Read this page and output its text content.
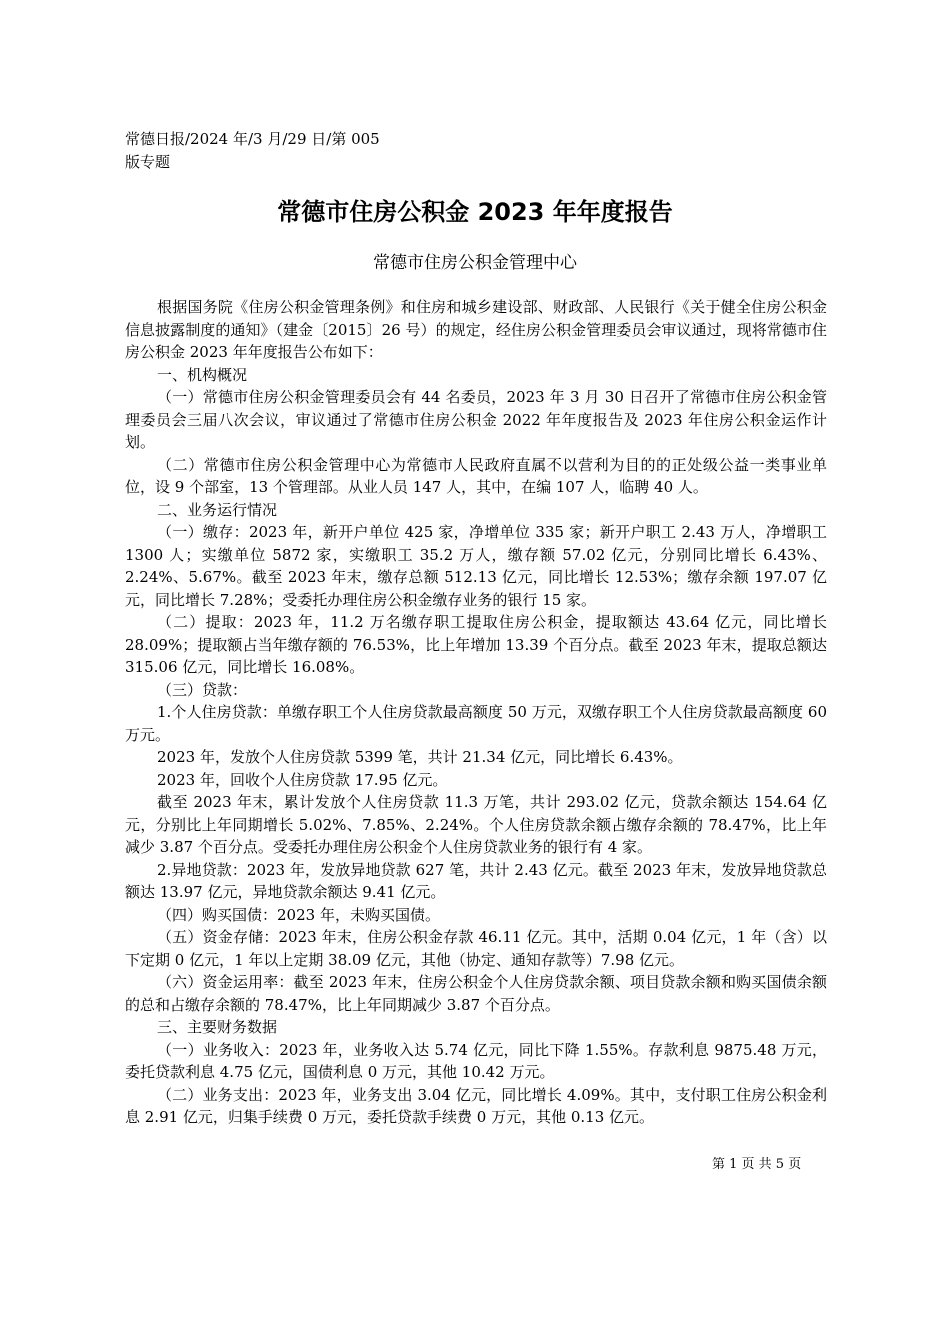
常德日报/2024 年/3 月/29 日/第 005 版专题
常德市住房公积金 2023 年年度报告
常德市住房公积金管理中心

根据国务院《住房公积金管理条例》和住房和城乡建设部、财政部、人民银行《关于健全住房公积金信息披露制度的通知》（建金〔2015〕26 号）的规定，经住房公积金管理委员会审议通过，现将常德市住房公积金 2023 年年度报告公布如下：

一、机构概况

（一）常德市住房公积金管理委员会有 44 名委员，2023 年 3 月 30 日召开了常德市住房公积金管理委员会三届八次会议，审议通过了常德市住房公积金 2022 年年度报告及 2023 年住房公积金运作计划。

（二）常德市住房公积金管理中心为常德市人民政府直属不以营利为目的的正处级公益一类事业单位，设 9 个部室，13 个管理部。从业人员 147 人，其中，在编 107 人，临聘 40 人。

二、业务运行情况

（一）缴存：2023 年，新开户单位 425 家，净增单位 335 家；新开户职工 2.43 万人，净增职工 1300 人；实缴单位 5872 家，实缴职工 35.2 万人，缴存额 57.02 亿元，分别同比增长 6.43%、2.24%、5.67%。截至 2023 年末，缴存总额 512.13 亿元，同比增长 12.53%；缴存余额 197.07 亿元，同比增长 7.28%；受委托办理住房公积金缴存业务的银行 15 家。

（二）提取：2023 年，11.2 万名缴存职工提取住房公积金，提取额达 43.64 亿元，同比增长 28.09%；提取额占当年缴存额的 76.53%，比上年增加 13.39 个百分点。截至 2023 年末，提取总额达 315.06 亿元，同比增长 16.08%。

（三）贷款：

1.个人住房贷款：单缴存职工个人住房贷款最高额度 50 万元，双缴存职工个人住房贷款最高额度 60 万元。

2023 年，发放个人住房贷款 5399 笔，共计 21.34 亿元，同比增长 6.43%。

2023 年，回收个人住房贷款 17.95 亿元。

截至 2023 年末，累计发放个人住房贷款 11.3 万笔，共计 293.02 亿元，贷款余额达 154.64 亿元，分别比上年同期增长 5.02%、7.85%、2.24%。个人住房贷款余额占缴存余额的 78.47%，比上年减少 3.87 个百分点。受委托办理住房公积金个人住房贷款业务的银行有 4 家。

2.异地贷款：2023 年，发放异地贷款 627 笔，共计 2.43 亿元。截至 2023 年末，发放异地贷款总额达 13.97 亿元，异地贷款余额达 9.41 亿元。

（四）购买国债：2023 年，未购买国债。

（五）资金存储：2023 年末，住房公积金存款 46.11 亿元。其中，活期 0.04 亿元，1 年（含）以下定期 0 亿元，1 年以上定期 38.09 亿元，其他（协定、通知存款等）7.98 亿元。

（六）资金运用率：截至 2023 年末，住房公积金个人住房贷款余额、项目贷款余额和购买国债余额的总和占缴存余额的 78.47%，比上年同期减少 3.87 个百分点。

三、主要财务数据

（一）业务收入：2023 年，业务收入达 5.74 亿元，同比下降 1.55%。存款利息 9875.48 万元，委托贷款利息 4.75 亿元，国债利息 0 万元，其他 10.42 万元。

（二）业务支出：2023 年，业务支出 3.04 亿元，同比增长 4.09%。其中，支付职工住房公积金利息 2.91 亿元，归集手续费 0 万元，委托贷款手续费 0 万元，其他 0.13 亿元。

第 1 页 共 5 页
